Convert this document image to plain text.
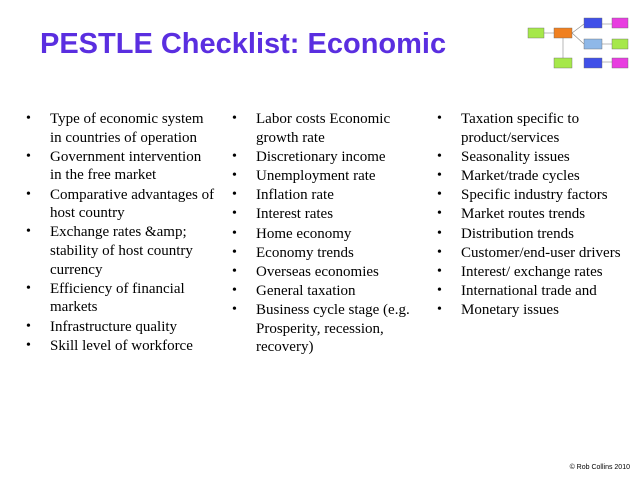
PESTLE Checklist: Economic
• Type of economic system in countries of operation
• Government intervention in the free market
• Comparative advantages of host country
• Exchange rates &amp; stability of host country currency
• Efficiency of financial markets
• Infrastructure quality
• Skill level of workforce
• Labor costs Economic growth rate
• Discretionary income
• Unemployment rate
• Inflation rate
• Interest rates
• Home economy
• Economy trends
• Overseas economies
• General taxation
• Business cycle stage (e.g. Prosperity, recession, recovery)
• Taxation specific to product/services
• Seasonality issues
• Market/trade cycles
• Specific industry factors
• Market routes trends
• Distribution trends
• Customer/end-user drivers
• Interest/ exchange rates
• International trade and
• Monetary issues
© Rob Collins 2010
